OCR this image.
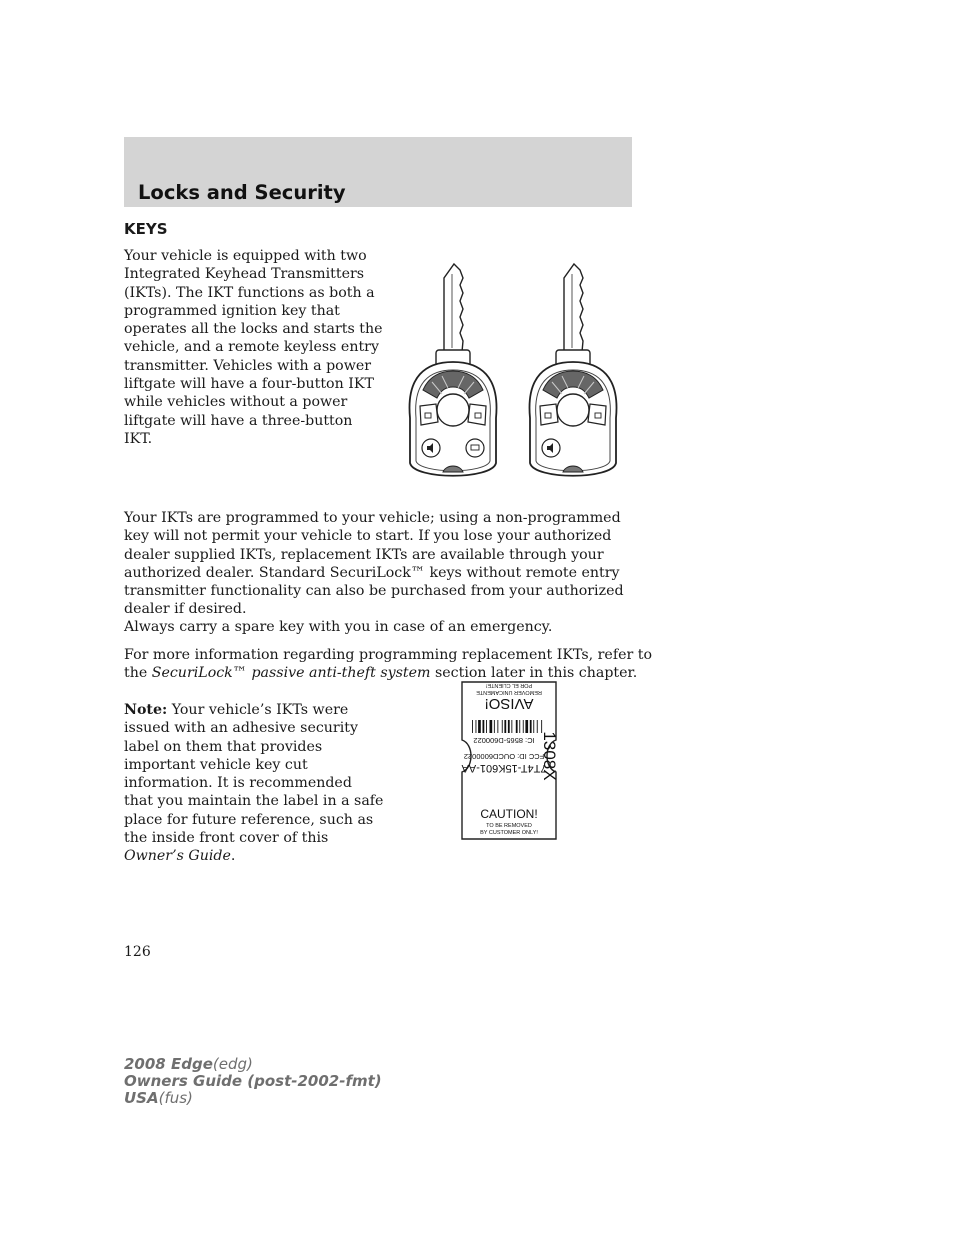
Locks and Security
KEYS

Your vehicle is equipped with two Integrated Keyhead Transmitters (IKTs). The IKT functions as both a programmed ignition key that operates all the locks and starts the vehicle, and a remote keyless entry transmitter. Vehicles with a power liftgate will have a four-button IKT while vehicles without a power liftgate will have a three-button IKT.

Your IKTs are programmed to your vehicle; using a non-programmed key will not permit your vehicle to start. If you lose your authorized dealer supplied IKTs, replacement IKTs are available through your authorized dealer. Standard SecuriLock™ keys without remote entry transmitter functionality can also be purchased from your authorized dealer if desired.

Always carry a spare key with you in case of an emergency.

For more information regarding programming replacement IKTs, refer to the SecuriLock™ passive anti-theft system section later in this chapter.

Note: Your vehicle’s IKTs were issued with an adhesive security label on them that provides important vehicle key cut information. It is recommended that you maintain the label in a safe place for future reference, such as the inside front cover of this Owner’s Guide.

AVISO!
REMOVER UNICAMENTE
POR EL CLIENTE!
IC: 8565-D600022
FCC ID: OUCD6000022
7T4T-15K601-AA
1308X
CAUTION!
TO BE REMOVED
BY CUSTOMER ONLY!

126

2008 Edge(edg)
Owners Guide (post-2002-fmt)
USA(fus)
